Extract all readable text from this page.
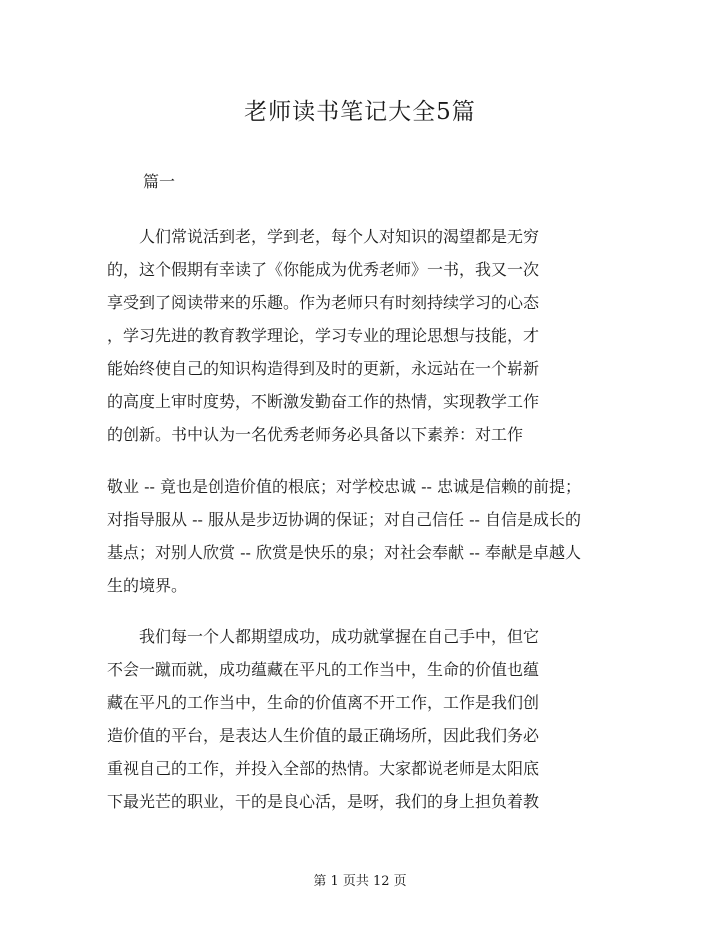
老师读书笔记大全5篇
篇一

　　人们常说活到老，学到老，每个人对知识的渴望都是无穷
的，这个假期有幸读了《你能成为优秀老师》一书，我又一次
享受到了阅读带来的乐趣。作为老师只有时刻持续学习的心态
，学习先进的教育教学理论，学习专业的理论思想与技能，才
能始终使自己的知识构造得到及时的更新，永远站在一个崭新
的高度上审时度势，不断激发勤奋工作的热情，实现教学工作
的创新。书中认为一名优秀老师务必具备以下素养：对工作

敬业 -- 竟也是创造价值的根底；对学校忠诚 -- 忠诚是信赖的前提；
对指导服从 -- 服从是步迈协调的保证；对自己信任 -- 自信是成长的
基点；对别人欣赏 -- 欣赏是快乐的泉；对社会奉献 -- 奉献是卓越人
生的境界。

　　我们每一个人都期望成功，成功就掌握在自己手中，但它
不会一蹴而就，成功蕴藏在平凡的工作当中，生命的价值也蕴
藏在平凡的工作当中，生命的价值离不开工作，工作是我们创
造价值的平台，是表达人生价值的最正确场所，因此我们务必
重视自己的工作，并投入全部的热情。大家都说老师是太阳底
下最光芒的职业，干的是良心活，是呀，我们的身上担负着教

第 1 页共 12 页
